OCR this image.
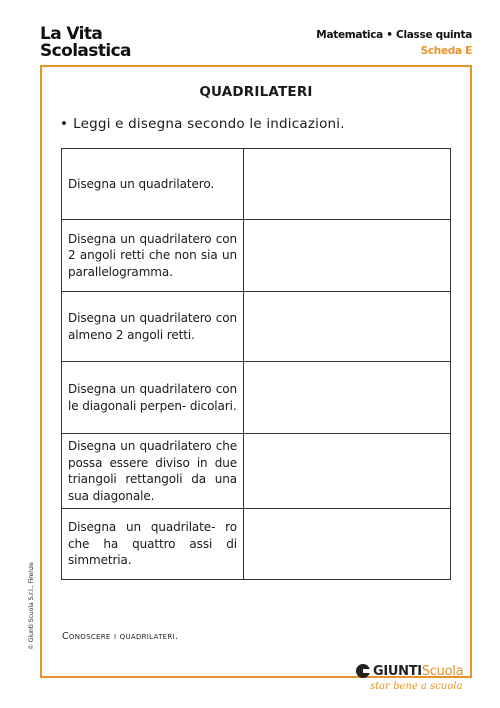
La Vita
Scolastica
Matematica • Classe quinta
Scheda E
QUADRILATERI
• Leggi e disegna secondo le indicazioni.
Disegna un quadrilatero.	
Disegna un quadrilatero con 2 angoli retti che non sia un parallelogramma.	
Disegna un quadrilatero con almeno 2 angoli retti.	
Disegna un quadrilatero con le diagonali perpen- dicolari.	
Disegna un quadrilatero che possa essere diviso in due triangoli rettangoli da una sua diagonale.	
Disegna un quadrilate- ro che ha quattro assi di simmetria.	
Conoscere i quadrilateri.
© Giunti Scuola S.r.l., Firenze
GIUNTI Scuola
star bene a scuola
